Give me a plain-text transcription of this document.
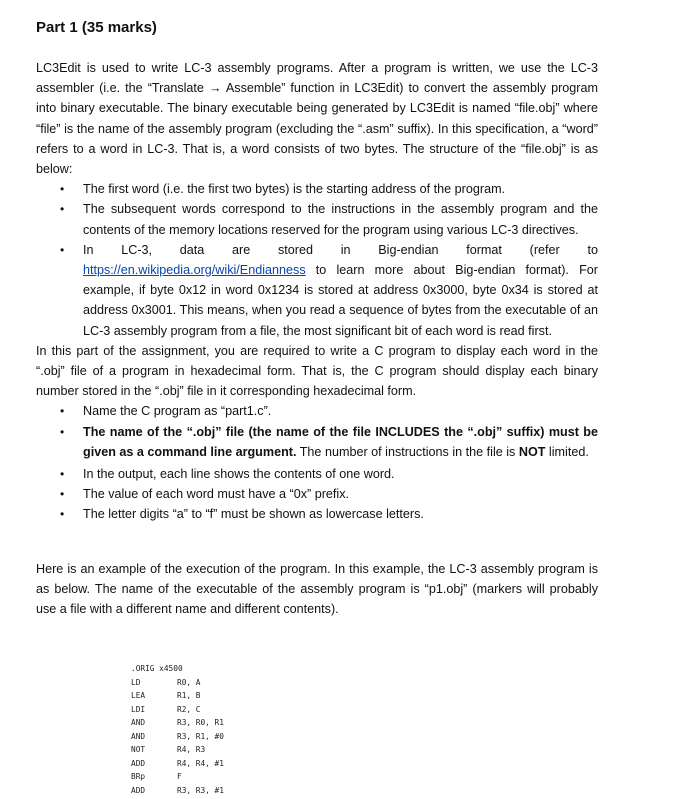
Part 1 (35 marks)

LC3Edit is used to write LC-3 assembly programs. After a program is written, we use the LC-3 assembler (i.e. the “Translate → Assemble” function in LC3Edit) to convert the assembly program into binary executable. The binary executable being generated by LC3Edit is named “file.obj” where “file” is the name of the assembly program (excluding the “.asm” suffix). In this specification, a “word” refers to a word in LC-3. That is, a word consists of two bytes. The structure of the “file.obj” is as below:

• The first word (i.e. the first two bytes) is the starting address of the program.
• The subsequent words correspond to the instructions in the assembly program and the contents of the memory locations reserved for the program using various LC-3 directives.
• In LC-3, data are stored in Big-endian format (refer to https://en.wikipedia.org/wiki/Endianness to learn more about Big-endian format). For example, if byte 0x12 in word 0x1234 is stored at address 0x3000, byte 0x34 is stored at address 0x3001. This means, when you read a sequence of bytes from the executable of an LC-3 assembly program from a file, the most significant bit of each word is read first.

In this part of the assignment, you are required to write a C program to display each word in the “.obj” file of a program in hexadecimal form. That is, the C program should display each binary number stored in the “.obj” file in it corresponding hexadecimal form.

• Name the C program as “part1.c”.
• The name of the “.obj” file (the name of the file INCLUDES the “.obj” suffix) must be given as a command line argument. The number of instructions in the file is NOT limited.
• In the output, each line shows the contents of one word.
• The value of each word must have a “0x” prefix.
• The letter digits “a” to “f” must be shown as lowercase letters.

Here is an example of the execution of the program. In this example, the LC-3 assembly program is as below. The name of the executable of the assembly program is “p1.obj” (markers will probably use a file with a different name and different contents).

.ORIG x4500
LD	R0, A
LEA	R1, B
LDI	R2, C
AND	R3, R0, R1
AND	R3, R1, #0
NOT	R4, R3
ADD	R4, R4, #1
BRp	F
ADD	R3, R3, #1
